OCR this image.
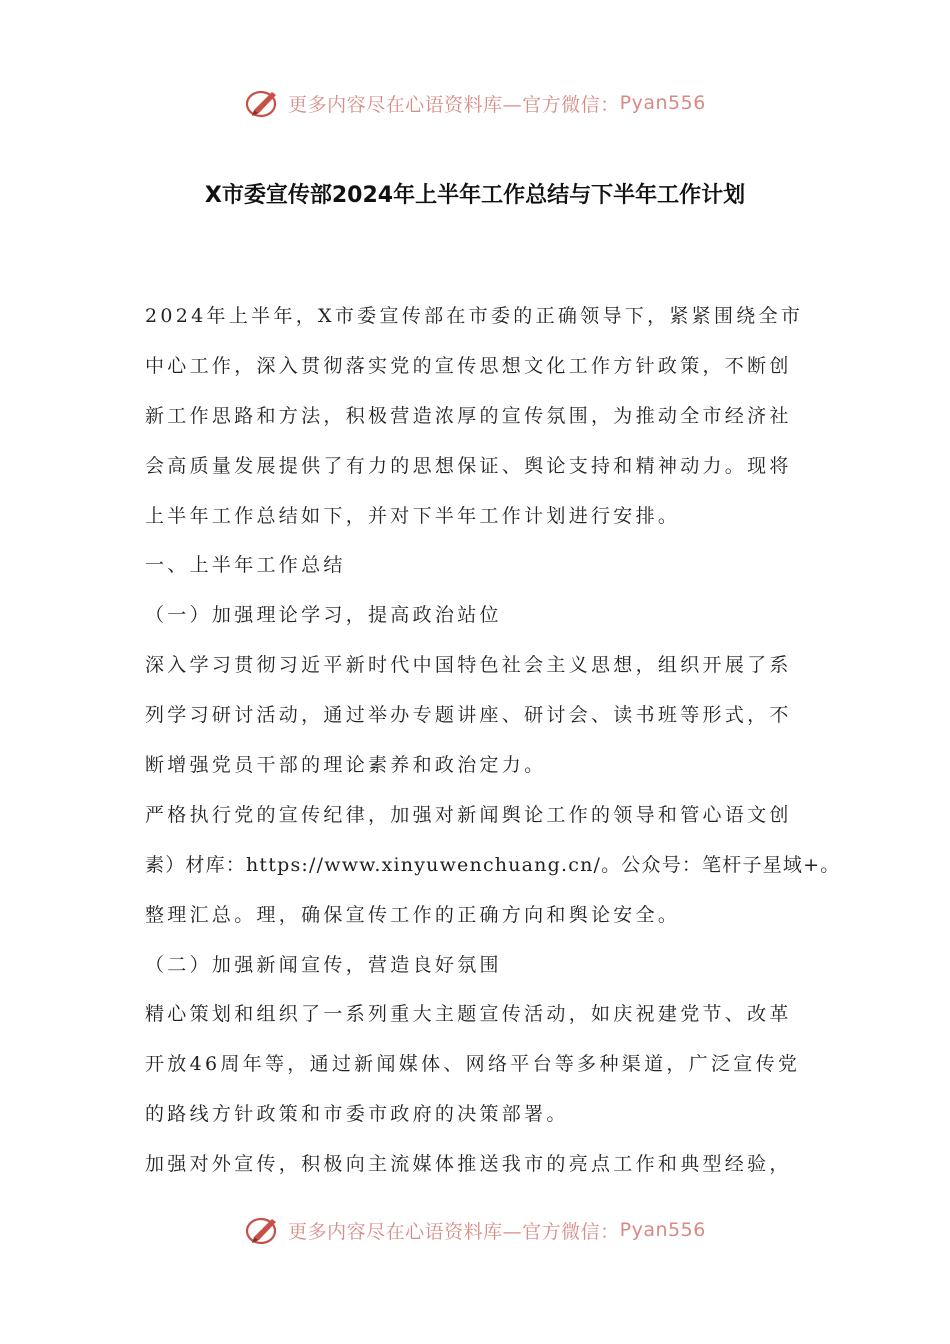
更多内容尽在心语资料库—官方微信： Pyan556
X市委宣传部2024年上半年工作总结与下半年工作计划
2024年上半年，X市委宣传部在市委的正确领导下，紧紧围绕全市
中心工作，深入贯彻落实党的宣传思想文化工作方针政策，不断创
新工作思路和方法，积极营造浓厚的宣传氛围，为推动全市经济社
会高质量发展提供了有力的思想保证、舆论支持和精神动力。现将
上半年工作总结如下，并对下半年工作计划进行安排。
一、上半年工作总结
（一）加强理论学习，提高政治站位
深入学习贯彻习近平新时代中国特色社会主义思想，组织开展了系
列学习研讨活动，通过举办专题讲座、研讨会、读书班等形式，不
断增强党员干部的理论素养和政治定力。
严格执行党的宣传纪律，加强对新闻舆论工作的领导和管心语文创
素）材库：https://www.xinyuwenchuang.cn/。公众号：笔杆子星域+。
整理汇总。理，确保宣传工作的正确方向和舆论安全。
（二）加强新闻宣传，营造良好氛围
精心策划和组织了一系列重大主题宣传活动，如庆祝建党节、改革
开放46周年等，通过新闻媒体、网络平台等多种渠道，广泛宣传党
的路线方针政策和市委市政府的决策部署。
加强对外宣传，积极向主流媒体推送我市的亮点工作和典型经验，
更多内容尽在心语资料库—官方微信： Pyan556
